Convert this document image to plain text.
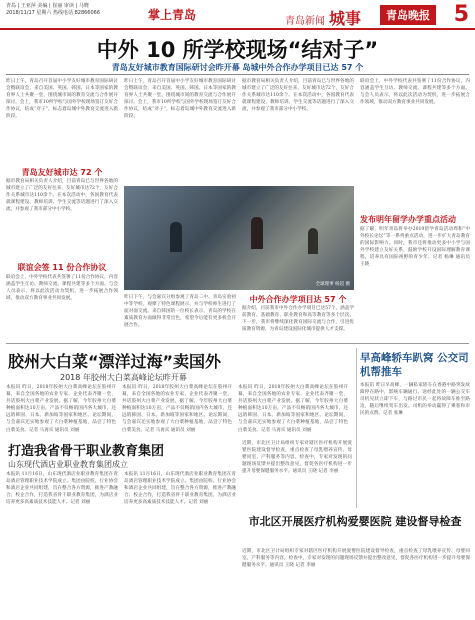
青岛 | 王亚萍 美编 | 崔丽 审读 | 马晓
2018/11/17 星期六 热线电话 82866066	掌上青岛	青岛新闻 城事	青岛晚报 5
中外 10 所学校现场“结对子”
青岛友好城市教育国际研讨会昨开幕 岛城中外合作办学项目已达 57 个
昨日上午，青岛召开首届中小学友好城市教育国际研讨会暨联谊会，来自美国、英国、韩国、日本等国家的教育界人士共聚一堂，围绕城市间的教育交流与合作展开探讨。会上，我市10所学校与国外学校现场签订友好合作协议，结成“对子”，标志着岛城中外教育交流进入新阶段。
青岛友好城市达 72 个
据市教育局相关负责人介绍，目前青岛已与世界各地的城市建立了广泛的友好往来，友好城市达72个，友好合作关系城市达110余个。在本次活动中，各国教育代表就课程建设、教师培训、学生交流等话题进行了深入交流，并参观了我市部分中小学校。
联谊会签 11 份合作协议
联谊会上，中外学校代表共签署了11份合作协议，内容涵盖学生互访、教师交流、课程共建等多个方面。与会人员表示，将以此次活动为契机，进一步拓展合作领域，推动双方教育事业共同发展。
昨日上午，青岛召开首届中小学友好城市教育国际研讨会暨联谊会，来自美国、英国、韩国、日本等国家的教育界人士共聚一堂，围绕城市间的教育交流与合作展开探讨。会上，我市10所学校与国外学校现场签订友好合作协议，结成“对子”，标志着岛城中外教育交流进入新阶段。
全球理事 杨超 摄
昨日下午，与会嘉宾分组参观了青岛二中、青岛实验初中等学校，观摩了特色课程展示，并与学校师生进行了面对面交流。来自韩国的一位校长表示，青岛的学校在素质教育方面做得非常出色，希望今后能有更多机会开展合作。
据市教育局相关负责人介绍，目前青岛已与世界各地的城市建立了广泛的友好往来，友好城市达72个，友好合作关系城市达110余个。在本次活动中，各国教育代表就课程建设、教师培训、学生交流等话题进行了深入交流，并参观了我市部分中小学校。
中外合作办学项目达 57 个
据介绍，目前我市中外合作办学项目已达57个，涵盖学前教育、基础教育、职业教育和高等教育等多个层次。下一步，我市将继续深化教育国际交流与合作，引进优质教育资源，为青岛建设国际化城市提供人才支撑。
联谊会上，中外学校代表共签署了11份合作协议，内容涵盖学生互访、教师交流、课程共建等多个方面。与会人员表示，将以此次活动为契机，进一步拓展合作领域，推动双方教育事业共同发展。
发布明年留学办学重点活动
据了解，明年青岛将举办2019留学青岛活动周和“中外校长论坛”等一系列重点活动，进一步扩大青岛教育的国际影响力。同时，我市还将推动更多中小学与国外学校建立友好关系，鼓励学校开设国际理解教育课程，培养具有国际视野的青少年。记者 杨琳 通讯员 王晓
胶州大白菜“漂洋过海”卖国外
2018 年胶州大白菜高峰论坛昨开幕
本报讯 昨日，2018年胶州大白菜高峰论坛在胶州开幕，来自全国各地的农业专家、企业代表齐聚一堂，共话胶州大白菜产业发展。据了解，今年胶州大白菜种植面积达10万亩，产品不仅畅销国内各大城市，还远销韩国、日本、新加坡等国家和地区。论坛期间，与会嘉宾还实地参观了大白菜种植基地，品尝了特色白菜美食。记者 马再宾 通讯员 刘丽
本报讯 昨日，2018年胶州大白菜高峰论坛在胶州开幕，来自全国各地的农业专家、企业代表齐聚一堂，共话胶州大白菜产业发展。据了解，今年胶州大白菜种植面积达10万亩，产品不仅畅销国内各大城市，还远销韩国、日本、新加坡等国家和地区。论坛期间，与会嘉宾还实地参观了大白菜种植基地，品尝了特色白菜美食。记者 马再宾 通讯员 刘丽
本报讯 昨日，2018年胶州大白菜高峰论坛在胶州开幕，来自全国各地的农业专家、企业代表齐聚一堂，共话胶州大白菜产业发展。据了解，今年胶州大白菜种植面积达10万亩，产品不仅畅销国内各大城市，还远销韩国、日本、新加坡等国家和地区。论坛期间，与会嘉宾还实地参观了大白菜种植基地，品尝了特色白菜美食。记者 马再宾 通讯员 刘丽
打造我省骨干职业教育集团
山东现代酒店业职业教育集团成立
本报讯 11月16日，山东现代酒店业职业教育集团在青岛酒店管理职业技术学院成立。集团由院校、行业协会和酒店企业共同组建，旨在整合各方资源，推进产教融合、校企合作，打造我省骨干职业教育集团，为酒店业培养更多高素质技术技能人才。记者 刘丽
本报讯 11月16日，山东现代酒店业职业教育集团在青岛酒店管理职业技术学院成立。集团由院校、行业协会和酒店企业共同组建，旨在整合各方资源，推进产教融合、校企合作，打造我省骨干职业教育集团，为酒店业培养更多高素质技术技能人才。记者 刘丽
近期，市北区卫计局组织专家对辖区医疗机构开展爱婴医院建设督导检查，重点检查了母乳喂养宣传、母婴同室、产科服务等内容。检查中，专家对发现的问题现场反馈并提出整改意见，督促各医疗机构进一步提升母婴保健服务水平。通讯员 王晓 记者 李丽
市北区开展医疗机构爱婴医院 建设督导检查
近期，市北区卫计局组织专家对辖区医疗机构开展爱婴医院建设督导检查，重点检查了母乳喂养宣传、母婴同室、产科服务等内容。检查中，专家对发现的问题现场反馈并提出整改意见，督促各医疗机构进一步提升母婴保健服务水平。通讯员 王晓 记者 李丽
早高峰轿车趴窝 公交司机帮推车
本报讯 昨日早高峰，一辆私家轿车在香港中路突发故障停在路中，影响车辆通行。途经此处的一辆公交车司机见状立即下车，与路过市民一起将故障车推至路边，随后继续驾车出发。司机的举动赢得了乘客和市民的点赞。记者 张琳
